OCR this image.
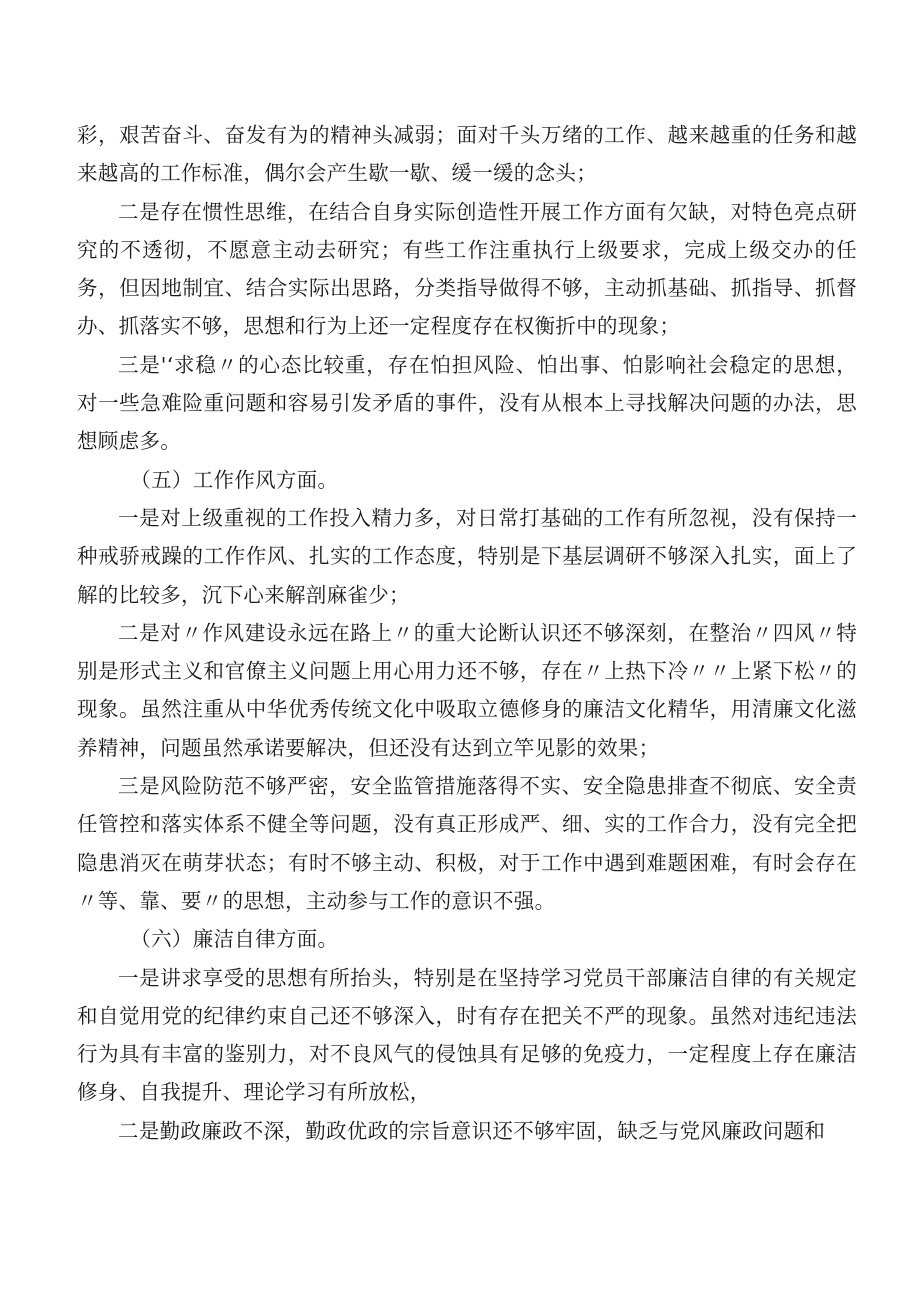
彩，艰苦奋斗、奋发有为的精神头减弱；面对千头万绪的工作、越来越重的任务和越来越高的工作标准，偶尔会产生歇一歇、缓一缓的念头；

二是存在惯性思维，在结合自身实际创造性开展工作方面有欠缺，对特色亮点研究的不透彻，不愿意主动去研究；有些工作注重执行上级要求，完成上级交办的任务，但因地制宜、结合实际出思路，分类指导做得不够，主动抓基础、抓指导、抓督办、抓落实不够，思想和行为上还一定程度存在权衡折中的现象；

三是'‘求稳〃的心态比较重，存在怕担风险、怕出事、怕影响社会稳定的思想，对一些急难险重问题和容易引发矛盾的事件，没有从根本上寻找解决问题的办法，思想顾虑多。

（五）工作作风方面。

一是对上级重视的工作投入精力多，对日常打基础的工作有所忽视，没有保持一种戒骄戒躁的工作作风、扎实的工作态度，特别是下基层调研不够深入扎实，面上了解的比较多，沉下心来解剖麻雀少；

二是对〃作风建设永远在路上〃的重大论断认识还不够深刻，在整治〃四风〃特别是形式主义和官僚主义问题上用心用力还不够，存在〃上热下冷〃〃上紧下松〃的现象。虽然注重从中华优秀传统文化中吸取立德修身的廉洁文化精华，用清廉文化滋养精神，问题虽然承诺要解决，但还没有达到立竿见影的效果；

三是风险防范不够严密，安全监管措施落得不实、安全隐患排查不彻底、安全责任管控和落实体系不健全等问题，没有真正形成严、细、实的工作合力，没有完全把隐患消灭在萌芽状态；有时不够主动、积极，对于工作中遇到难题困难，有时会存在〃等、靠、要〃的思想，主动参与工作的意识不强。

（六）廉洁自律方面。

一是讲求享受的思想有所抬头，特别是在坚持学习党员干部廉洁自律的有关规定和自觉用党的纪律约束自己还不够深入，时有存在把关不严的现象。虽然对违纪违法行为具有丰富的鉴别力，对不良风气的侵蚀具有足够的免疫力，一定程度上存在廉洁修身、自我提升、理论学习有所放松，

二是勤政廉政不深，勤政优政的宗旨意识还不够牢固，缺乏与党风廉政问题和
